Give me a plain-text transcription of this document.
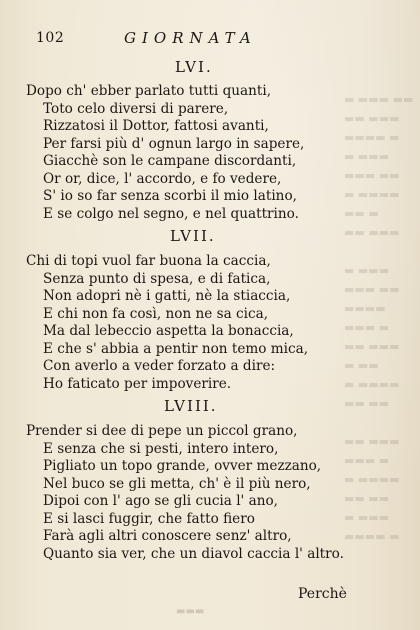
▬▬ ▬▬▬ ▬
▬▬▬ ▬▬
▬ ▬▬▬▬
▬▬▬ ▬
▬▬ ▬▬▬
▬▬▬▬ ▬
▬ ▬▬
▬▬▬ ▬▬

▬▬▬ ▬
▬▬ ▬▬▬
▬▬▬▬
▬ ▬▬▬
▬▬▬ ▬▬
▬▬ ▬
▬▬▬▬ ▬
▬▬ ▬▬

▬▬▬ ▬▬
▬ ▬▬▬
▬▬▬▬ ▬
▬▬ ▬▬
▬▬▬ ▬
▬ ▬▬▬▬
102	GIORNATA
LVI.
Dopo ch' ebber parlato tutti quanti,
Toto celo diversi di parere,
Rizzatosi il Dottor, fattosi avanti,
Per farsi più d' ognun largo in sapere,
Giacchè son le campane discordanti,
Or or, dice, l' accordo, e fo vedere,
S' io so far senza scorbi il mio latino,
E se colgo nel segno, e nel quattrino.
LVII.
Chi di topi vuol far buona la caccia,
Senza punto di spesa, e di fatica,
Non adopri nè i gatti, nè la stiaccia,
E chi non fa così, non ne sa cica,
Ma dal lebeccio aspetta la bonaccia,
E che s' abbia a pentir non temo mica,
Con averlo a veder forzato a dire:
Ho faticato per impoverire.
LVIII.
Prender si dee di pepe un piccol grano,
E senza che si pesti, intero intero,
Pigliato un topo grande, ovver mezzano,
Nel buco se gli metta, ch' è il più nero,
Dipoi con l' ago se gli cucia l' ano,
E si lasci fuggir, che fatto fiero
Farà agli altri conoscere senz' altro,
Quanto sia ver, che un diavol caccia l' altro.
Perchè
▬▬▬
